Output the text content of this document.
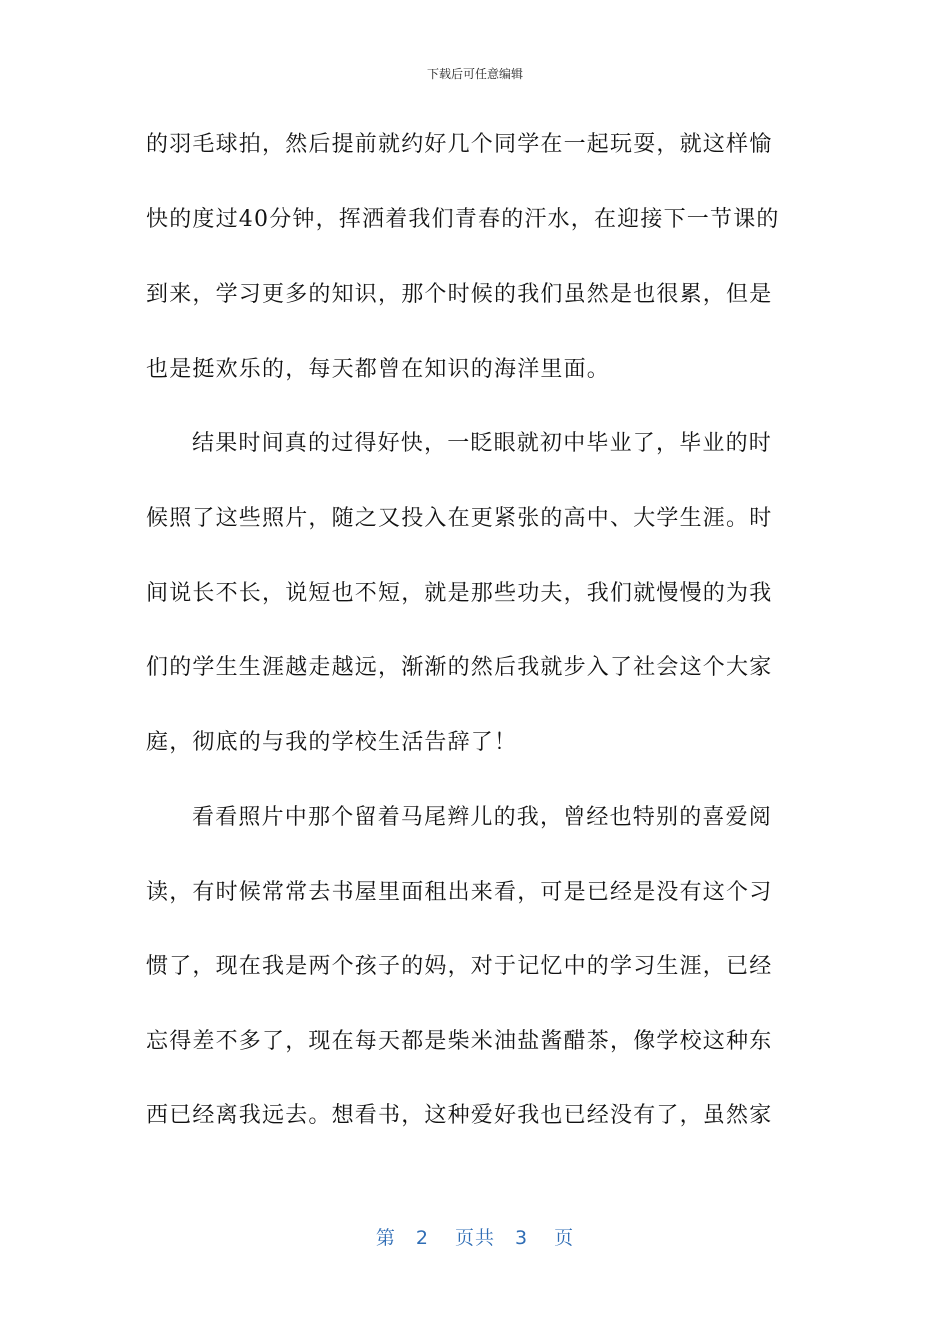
下载后可任意编辑
的羽毛球拍，然后提前就约好几个同学在一起玩耍，就这样愉
快的度过40分钟，挥洒着我们青春的汗水，在迎接下一节课的
到来，学习更多的知识，那个时候的我们虽然是也很累，但是
也是挺欢乐的，每天都曾在知识的海洋里面。
结果时间真的过得好快，一眨眼就初中毕业了，毕业的时
候照了这些照片，随之又投入在更紧张的高中、大学生涯。时
间说长不长，说短也不短，就是那些功夫，我们就慢慢的为我
们的学生生涯越走越远，渐渐的然后我就步入了社会这个大家
庭，彻底的与我的学校生活告辞了！
看看照片中那个留着马尾辫儿的我，曾经也特别的喜爱阅
读，有时候常常去书屋里面租出来看，可是已经是没有这个习
惯了，现在我是两个孩子的妈，对于记忆中的学习生涯，已经
忘得差不多了，现在每天都是柴米油盐酱醋茶，像学校这种东
西已经离我远去。想看书，这种爱好我也已经没有了，虽然家
第 2 页共 3 页
